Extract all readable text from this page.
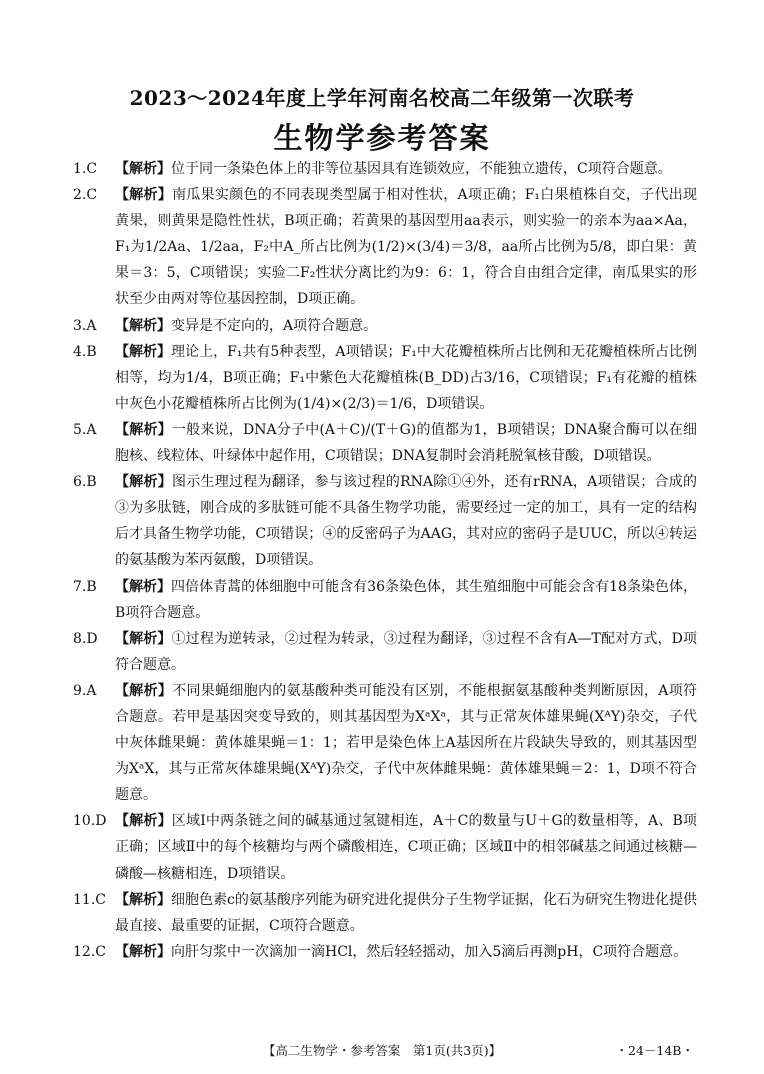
2023～2024年度上学年河南名校高二年级第一次联考
生物学参考答案
1.C 【解析】位于同一条染色体上的非等位基因具有连锁效应，不能独立遗传，C项符合题意。
2.C 【解析】南瓜果实颜色的不同表现类型属于相对性状，A项正确；F₁白果植株自交，子代出现黄果，则黄果是隐性性状，B项正确；若黄果的基因型用aa表示，则实验一的亲本为aa×Aa，F₁为1/2Aa、1/2aa，F₂中A_所占比例为(1/2)×(3/4)＝3/8，aa所占比例为5/8，即白果：黄果＝3：5，C项错误；实验二F₂性状分离比约为9：6：1，符合自由组合定律，南瓜果实的形状至少由两对等位基因控制，D项正确。
3.A 【解析】变异是不定向的，A项符合题意。
4.B 【解析】理论上，F₁共有5种表型，A项错误；F₁中大花瓣植株所占比例和无花瓣植株所占比例相等，均为1/4，B项正确；F₁中紫色大花瓣植株(B_DD)占3/16，C项错误；F₁有花瓣的植株中灰色小花瓣植株所占比例为(1/4)×(2/3)＝1/6，D项错误。
5.A 【解析】一般来说，DNA分子中(A＋C)/(T＋G)的值都为1，B项错误；DNA聚合酶可以在细胞核、线粒体、叶绿体中起作用，C项错误；DNA复制时会消耗脱氧核苷酸，D项错误。
6.B 【解析】图示生理过程为翻译，参与该过程的RNA除①④外，还有rRNA，A项错误；合成的③为多肽链，刚合成的多肽链可能不具备生物学功能，需要经过一定的加工，具有一定的结构后才具备生物学功能，C项错误；④的反密码子为AAG，其对应的密码子是UUC，所以④转运的氨基酸为苯丙氨酸，D项错误。
7.B 【解析】四倍体青蒿的体细胞中可能含有36条染色体，其生殖细胞中可能会含有18条染色体，B项符合题意。
8.D 【解析】①过程为逆转录，②过程为转录，③过程为翻译，③过程不含有A—T配对方式，D项符合题意。
9.A 【解析】不同果蝇细胞内的氨基酸种类可能没有区别，不能根据氨基酸种类判断原因，A项符合题意。若甲是基因突变导致的，则其基因型为XᵃXᵃ，其与正常灰体雄果蝇(XᴬY)杂交，子代中灰体雌果蝇：黄体雄果蝇＝1：1；若甲是染色体上A基因所在片段缺失导致的，则其基因型为XᵃX，其与正常灰体雄果蝇(XᴬY)杂交，子代中灰体雌果蝇：黄体雄果蝇＝2：1，D项不符合题意。
10.D 【解析】区域Ⅰ中两条链之间的碱基通过氢键相连，A＋C的数量与U＋G的数量相等，A、B项正确；区域Ⅱ中的每个核糖均与两个磷酸相连，C项正确；区域Ⅱ中的相邻碱基之间通过核糖—磷酸—核糖相连，D项错误。
11.C 【解析】细胞色素c的氨基酸序列能为研究进化提供分子生物学证据，化石为研究生物进化提供最直接、最重要的证据，C项符合题意。
12.C 【解析】向肝匀浆中一次滴加一滴HCl，然后轻轻摇动，加入5滴后再测pH，C项符合题意。
【高二生物学・参考答案　第1页(共3页)】	・24－14B・
